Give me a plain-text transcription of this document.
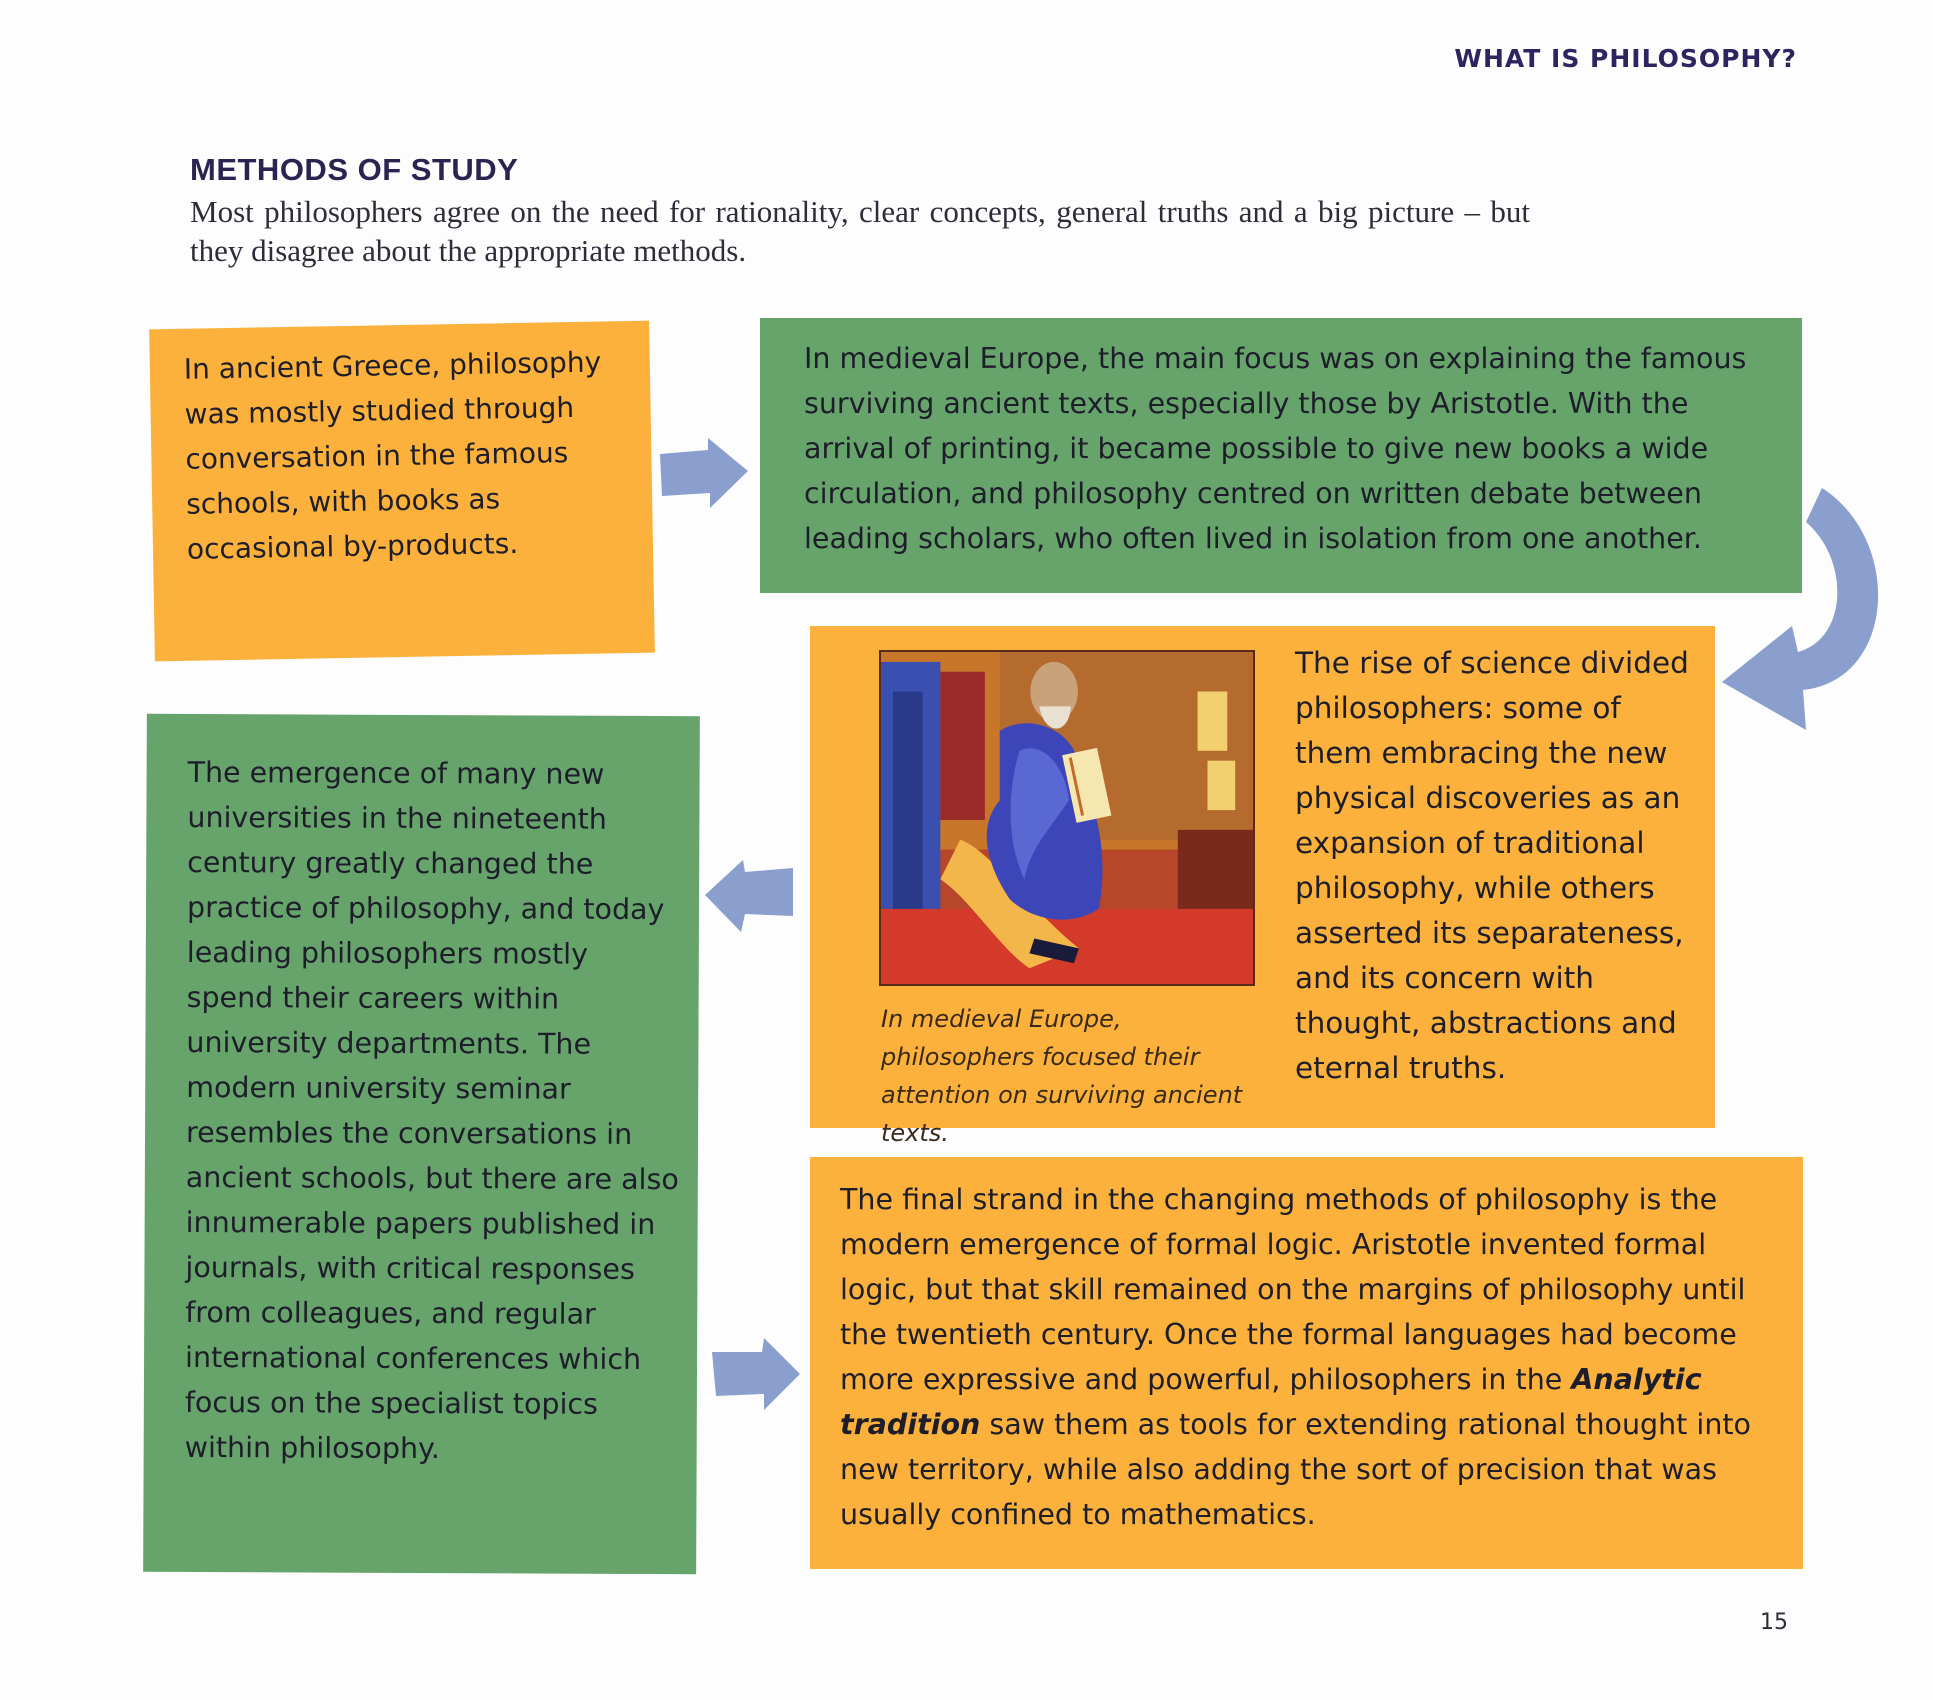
WHAT IS PHILOSOPHY?
METHODS OF STUDY
Most philosophers agree on the need for rationality, clear concepts, general truths and a big picture – but they disagree about the appropriate methods.
In ancient Greece, philosophy was mostly studied through conversation in the famous schools, with books as occasional by-products.
In medieval Europe, the main focus was on explaining the famous surviving ancient texts, especially those by Aristotle. With the arrival of printing, it became possible to give new books a wide circulation, and philosophy centred on written debate between leading scholars, who often lived in isolation from one another.
In medieval Europe, philosophers focused their attention on surviving ancient texts.
The rise of science divided philosophers: some of them embracing the new physical discoveries as an expansion of traditional philosophy, while others asserted its separateness, and its concern with thought, abstractions and eternal truths.
The emergence of many new universities in the nineteenth century greatly changed the practice of philosophy, and today leading philosophers mostly spend their careers within university departments. The modern university seminar resembles the conversations in ancient schools, but there are also innumerable papers published in journals, with critical responses from colleagues, and regular international conferences which focus on the specialist topics within philosophy.
The final strand in the changing methods of philosophy is the modern emergence of formal logic. Aristotle invented formal logic, but that skill remained on the margins of philosophy until the twentieth century. Once the formal languages had become more expressive and powerful, philosophers in the Analytic tradition saw them as tools for extending rational thought into new territory, while also adding the sort of precision that was usually confined to mathematics.
15
